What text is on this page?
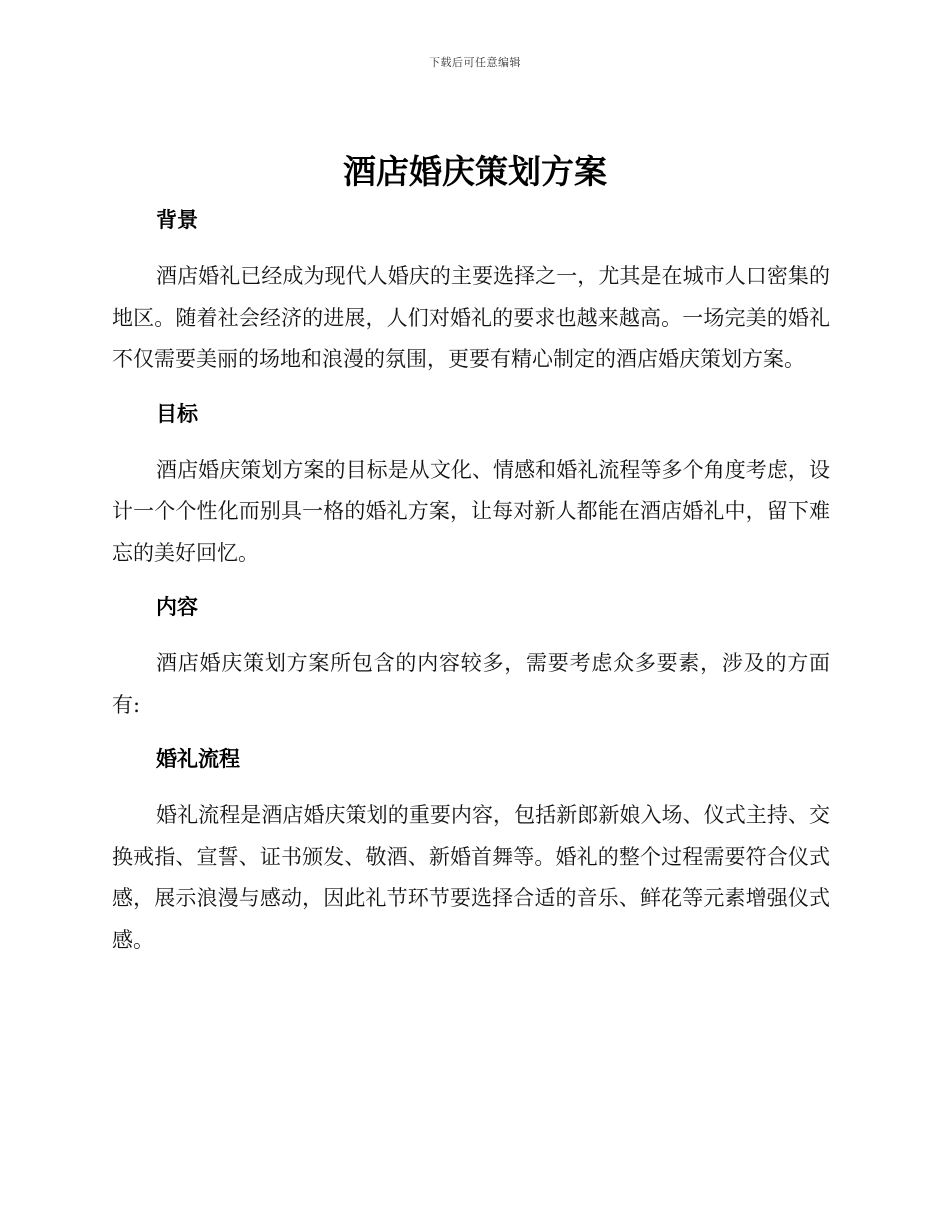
下载后可任意编辑
酒店婚庆策划方案
背景

酒店婚礼已经成为现代人婚庆的主要选择之一，尤其是在城市人口密集的地区。随着社会经济的进展，人们对婚礼的要求也越来越高。一场完美的婚礼不仅需要美丽的场地和浪漫的氛围，更要有精心制定的酒店婚庆策划方案。

目标

酒店婚庆策划方案的目标是从文化、情感和婚礼流程等多个角度考虑，设计一个个性化而别具一格的婚礼方案，让每对新人都能在酒店婚礼中，留下难忘的美好回忆。

内容

酒店婚庆策划方案所包含的内容较多，需要考虑众多要素，涉及的方面有:

婚礼流程

婚礼流程是酒店婚庆策划的重要内容，包括新郎新娘入场、仪式主持、交换戒指、宣誓、证书颁发、敬酒、新婚首舞等。婚礼的整个过程需要符合仪式感，展示浪漫与感动，因此礼节环节要选择合适的音乐、鲜花等元素增强仪式感。
